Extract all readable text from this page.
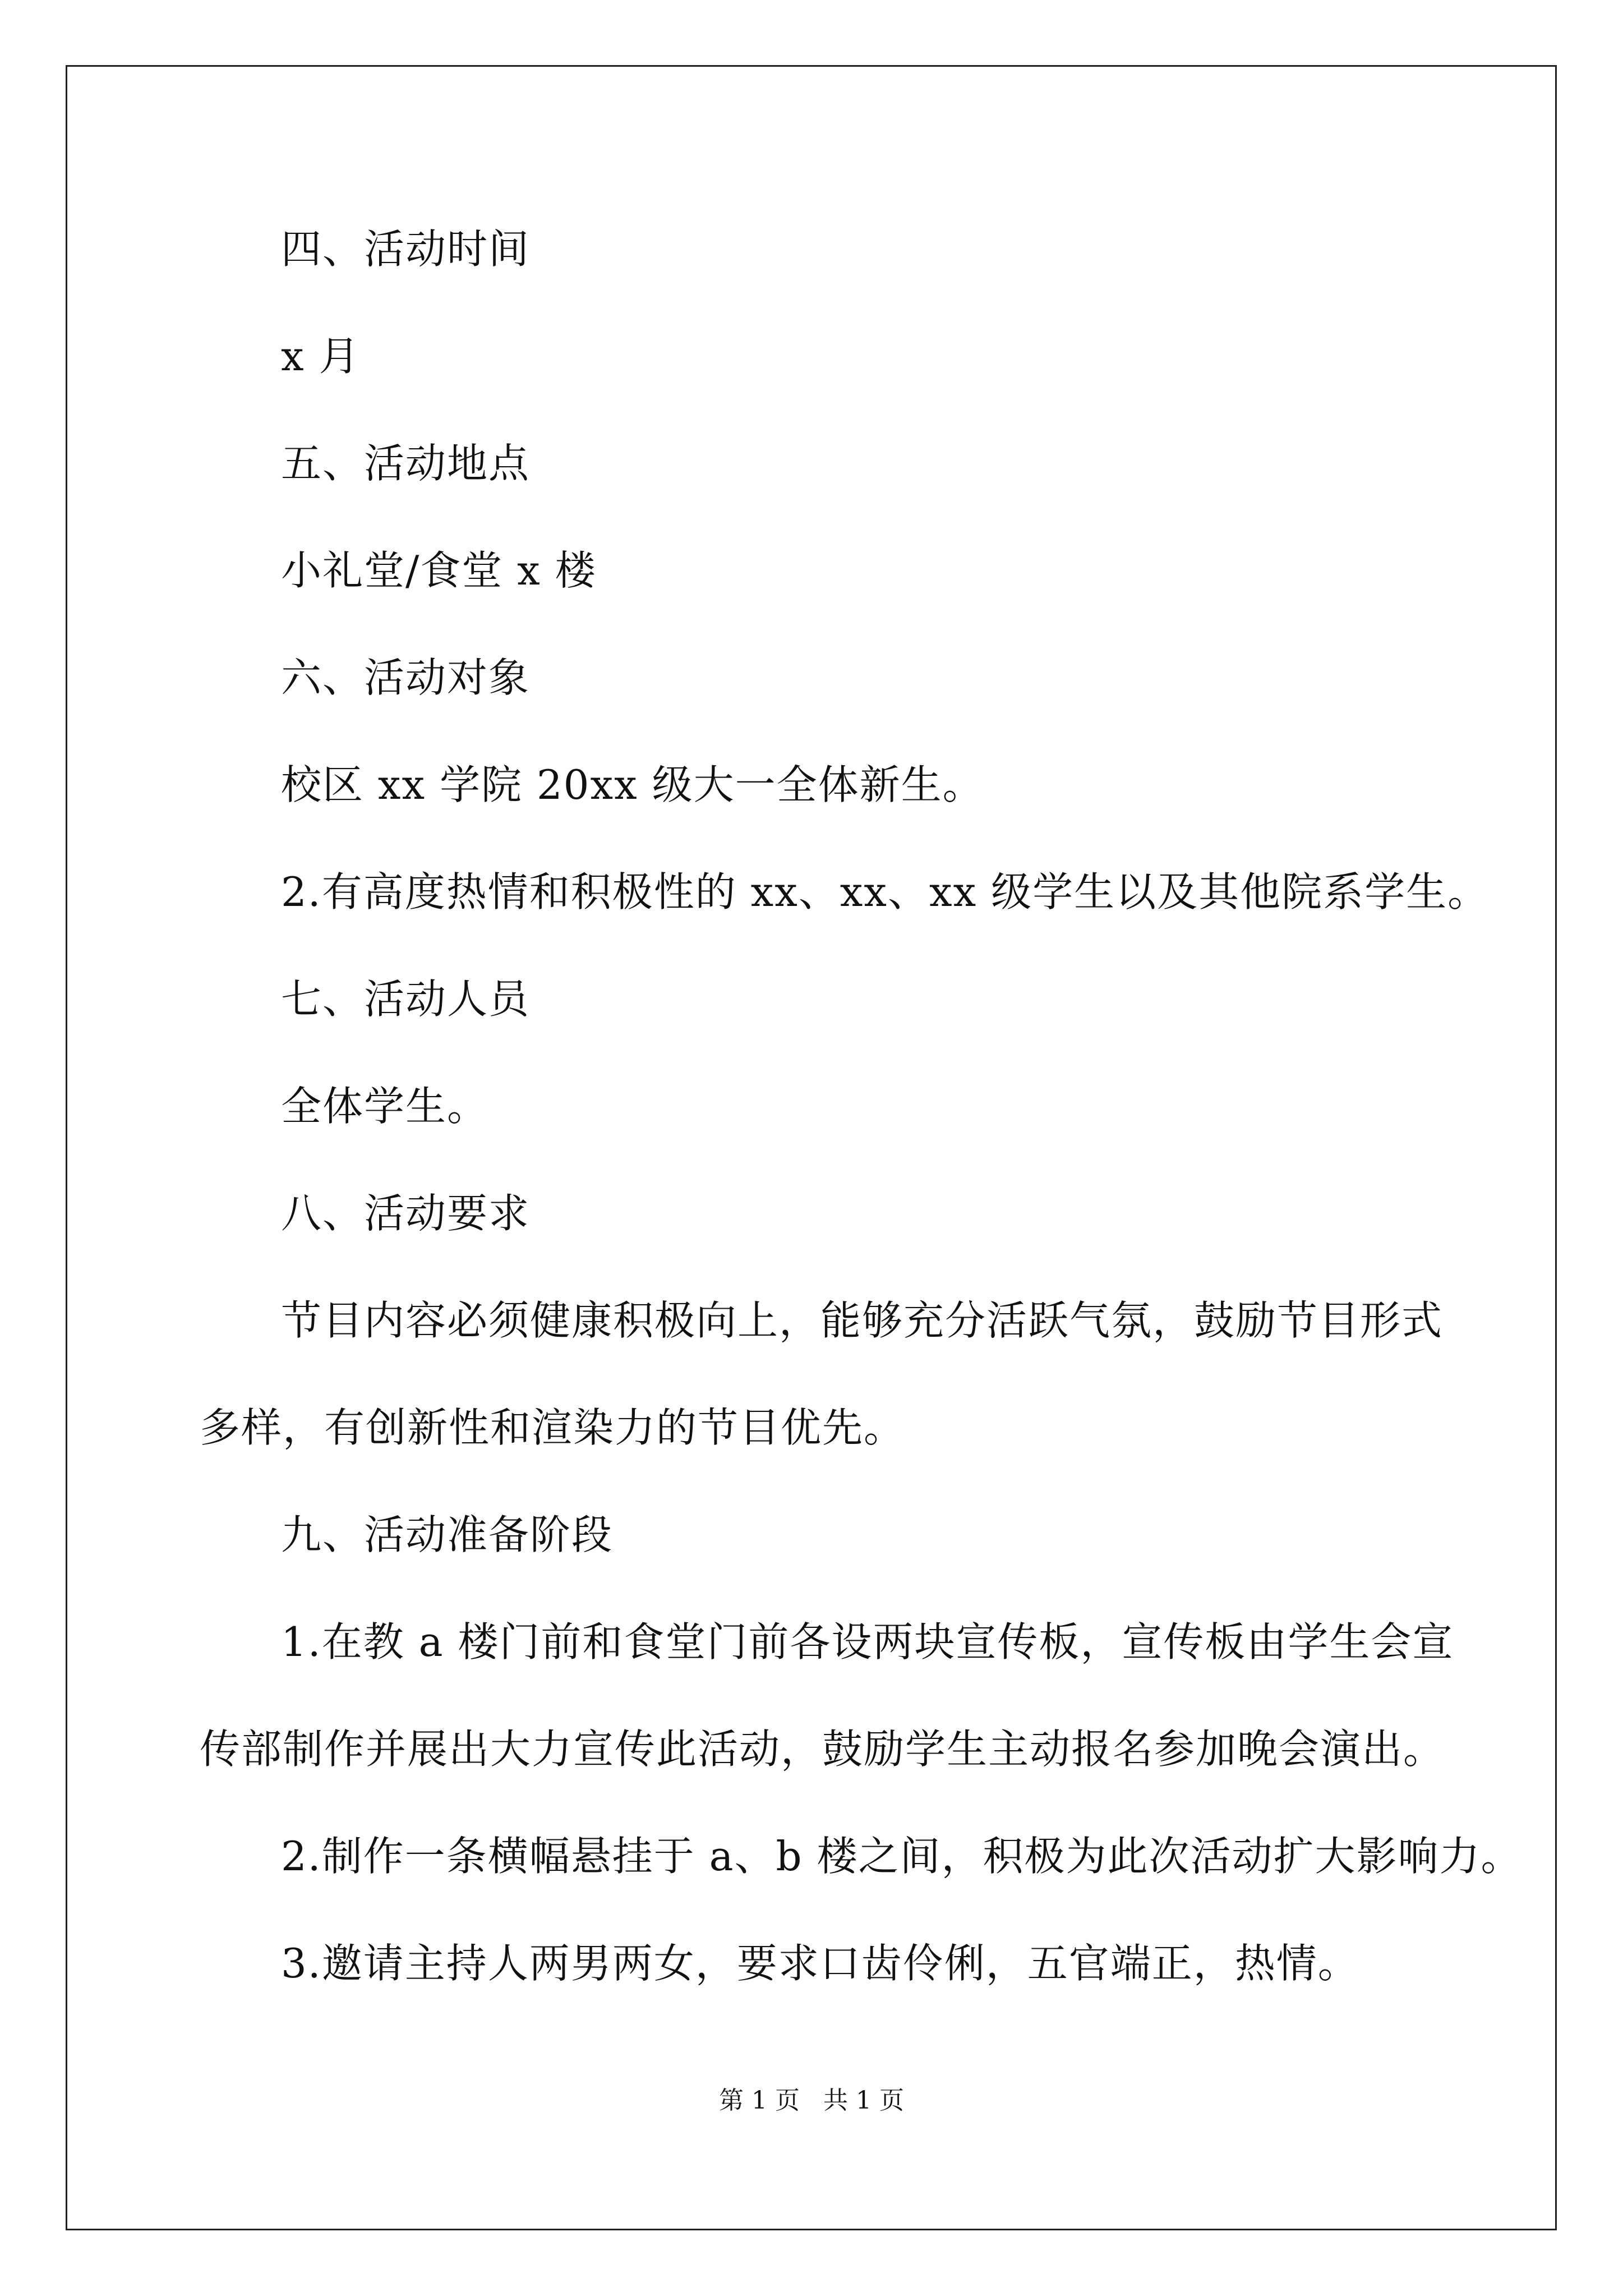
四、活动时间
x 月
五、活动地点
小礼堂/食堂 x 楼
六、活动对象
校区 xx 学院 20xx 级大一全体新生。
2.有高度热情和积极性的 xx、xx、xx 级学生以及其他院系学生。
七、活动人员
全体学生。
八、活动要求
节目内容必须健康积极向上，能够充分活跃气氛，鼓励节目形式
多样，有创新性和渲染力的节目优先。
九、活动准备阶段
1.在教 a 楼门前和食堂门前各设两块宣传板，宣传板由学生会宣
传部制作并展出大力宣传此活动，鼓励学生主动报名参加晚会演出。
2.制作一条横幅悬挂于 a、b 楼之间，积极为此次活动扩大影响力。
3.邀请主持人两男两女，要求口齿伶俐，五官端正，热情。
第 1 页   共 1 页
